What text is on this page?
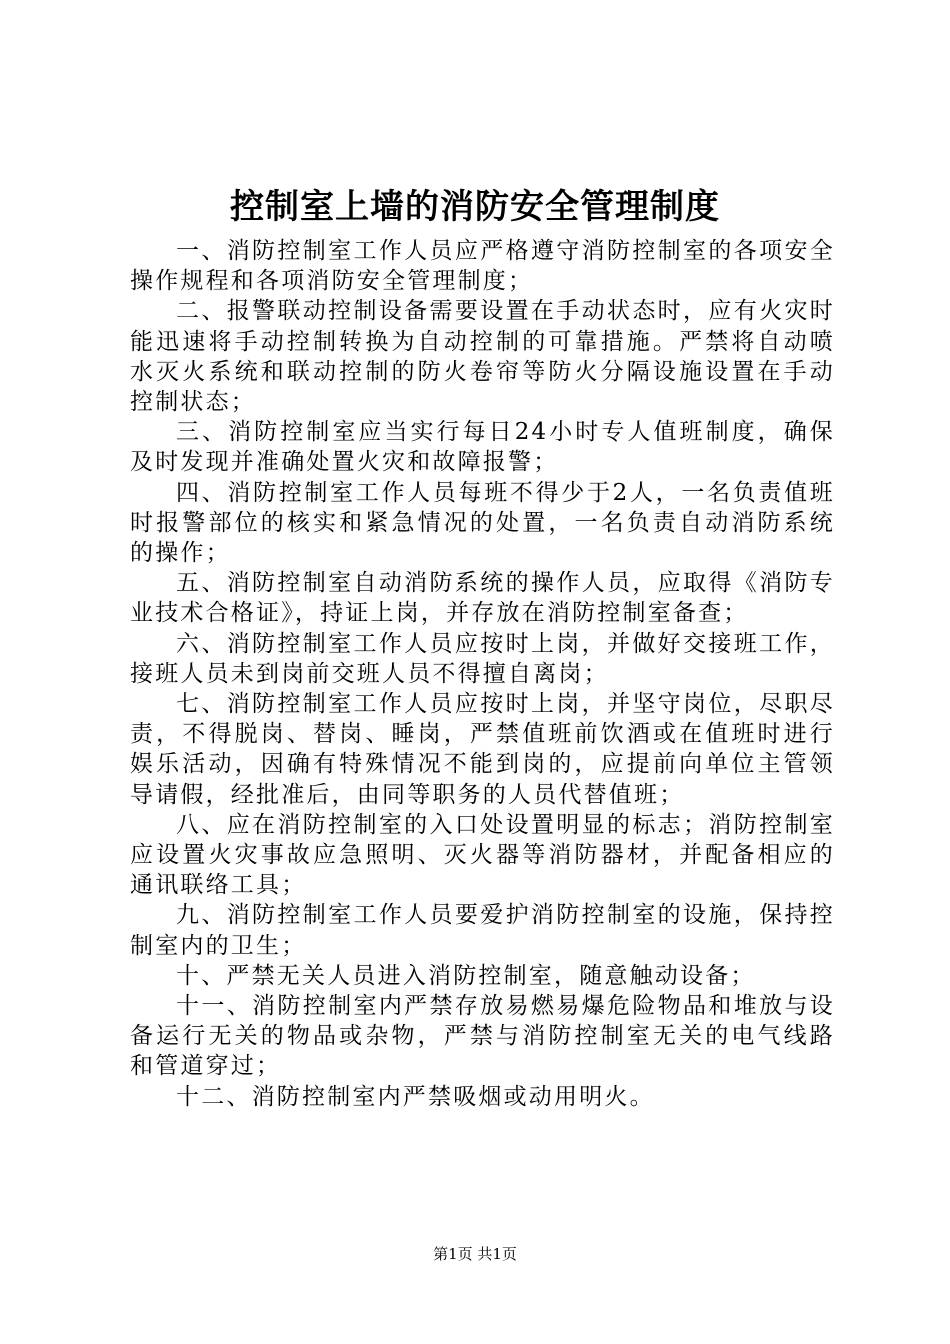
控制室上墙的消防安全管理制度

一、消防控制室工作人员应严格遵守消防控制室的各项安全操作规程和各项消防安全管理制度；

二、报警联动控制设备需要设置在手动状态时，应有火灾时能迅速将手动控制转换为自动控制的可靠措施。严禁将自动喷水灭火系统和联动控制的防火卷帘等防火分隔设施设置在手动控制状态；

三、消防控制室应当实行每日24小时专人值班制度，确保及时发现并准确处置火灾和故障报警；

四、消防控制室工作人员每班不得少于2人，一名负责值班时报警部位的核实和紧急情况的处置，一名负责自动消防系统的操作；

五、消防控制室自动消防系统的操作人员，应取得《消防专业技术合格证》，持证上岗，并存放在消防控制室备查；

六、消防控制室工作人员应按时上岗，并做好交接班工作，接班人员未到岗前交班人员不得擅自离岗；

七、消防控制室工作人员应按时上岗，并坚守岗位，尽职尽责，不得脱岗、替岗、睡岗，严禁值班前饮酒或在值班时进行娱乐活动，因确有特殊情况不能到岗的，应提前向单位主管领导请假，经批准后，由同等职务的人员代替值班；

八、应在消防控制室的入口处设置明显的标志；消防控制室应设置火灾事故应急照明、灭火器等消防器材，并配备相应的通讯联络工具；

九、消防控制室工作人员要爱护消防控制室的设施，保持控制室内的卫生；

十、严禁无关人员进入消防控制室，随意触动设备；

十一、消防控制室内严禁存放易燃易爆危险物品和堆放与设备运行无关的物品或杂物，严禁与消防控制室无关的电气线路和管道穿过；

十二、消防控制室内严禁吸烟或动用明火。

第1页 共1页
